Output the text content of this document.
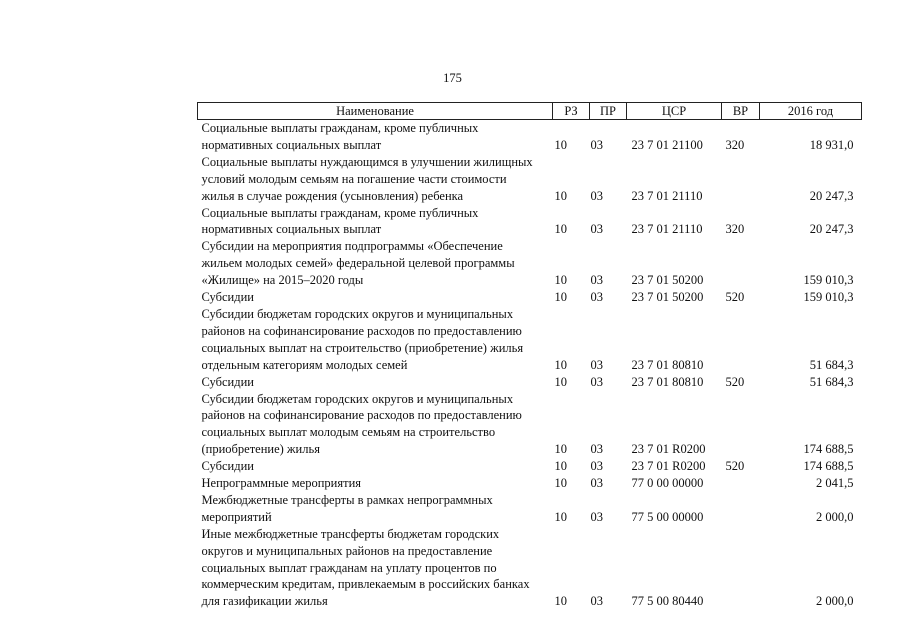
175
Наименование	РЗ	ПР	ЦСР	ВР	2016 год
Социальные выплаты гражданам, кроме публичных
нормативных социальных выплат	10	03	23 7 01 21100	320	18 931,0
Социальные выплаты нуждающимся в улучшении жилищных
условий молодым семьям на погашение части стоимости
жилья в случае рождения (усыновления) ребенка	10	03	23 7 01 21110		20 247,3
Социальные выплаты гражданам, кроме публичных
нормативных социальных выплат	10	03	23 7 01 21110	320	20 247,3
Субсидии на мероприятия подпрограммы «Обеспечение
жильем молодых семей» федеральной целевой программы
«Жилище» на 2015–2020 годы	10	03	23 7 01 50200		159 010,3
Субсидии	10	03	23 7 01 50200	520	159 010,3
Субсидии бюджетам городских округов и муниципальных
районов на софинансирование расходов по предоставлению
социальных выплат на строительство (приобретение) жилья
отдельным категориям молодых семей	10	03	23 7 01 80810		51 684,3
Субсидии	10	03	23 7 01 80810	520	51 684,3
Субсидии бюджетам городских округов и муниципальных
районов на софинансирование расходов по предоставлению
социальных выплат молодым семьям на строительство
(приобретение) жилья	10	03	23 7 01 R0200		174 688,5
Субсидии	10	03	23 7 01 R0200	520	174 688,5
Непрограммные мероприятия	10	03	77 0 00 00000		2 041,5
Межбюджетные трансферты в рамках непрограммных
мероприятий	10	03	77 5 00 00000		2 000,0
Иные межбюджетные трансферты бюджетам городских
округов и муниципальных районов на предоставление
социальных выплат гражданам на уплату процентов по
коммерческим кредитам, привлекаемым в российских банках
для газификации жилья	10	03	77 5 00 80440		2 000,0
